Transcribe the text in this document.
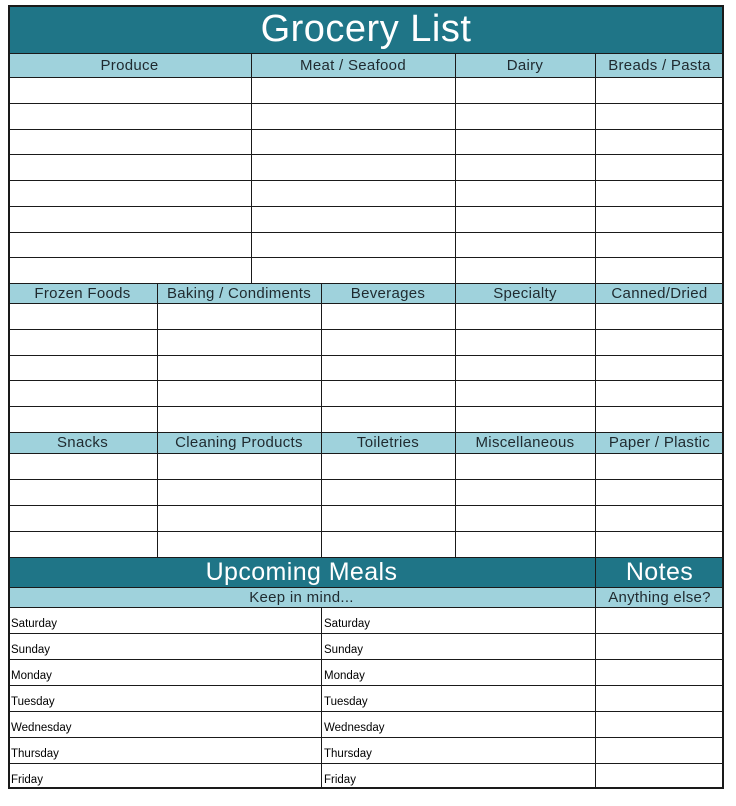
Grocery List
Produce	Meat / Seafood	Dairy	Breads / Pasta
Frozen Foods	Baking / Condiments	Beverages	Specialty	Canned/Dried
Snacks	Cleaning Products	Toiletries	Miscellaneous	Paper / Plastic
Upcoming Meals	Notes
Keep in mind...	Anything else?
Saturday	Saturday
Sunday	Sunday
Monday	Monday
Tuesday	Tuesday
Wednesday	Wednesday
Thursday	Thursday
Friday	Friday
